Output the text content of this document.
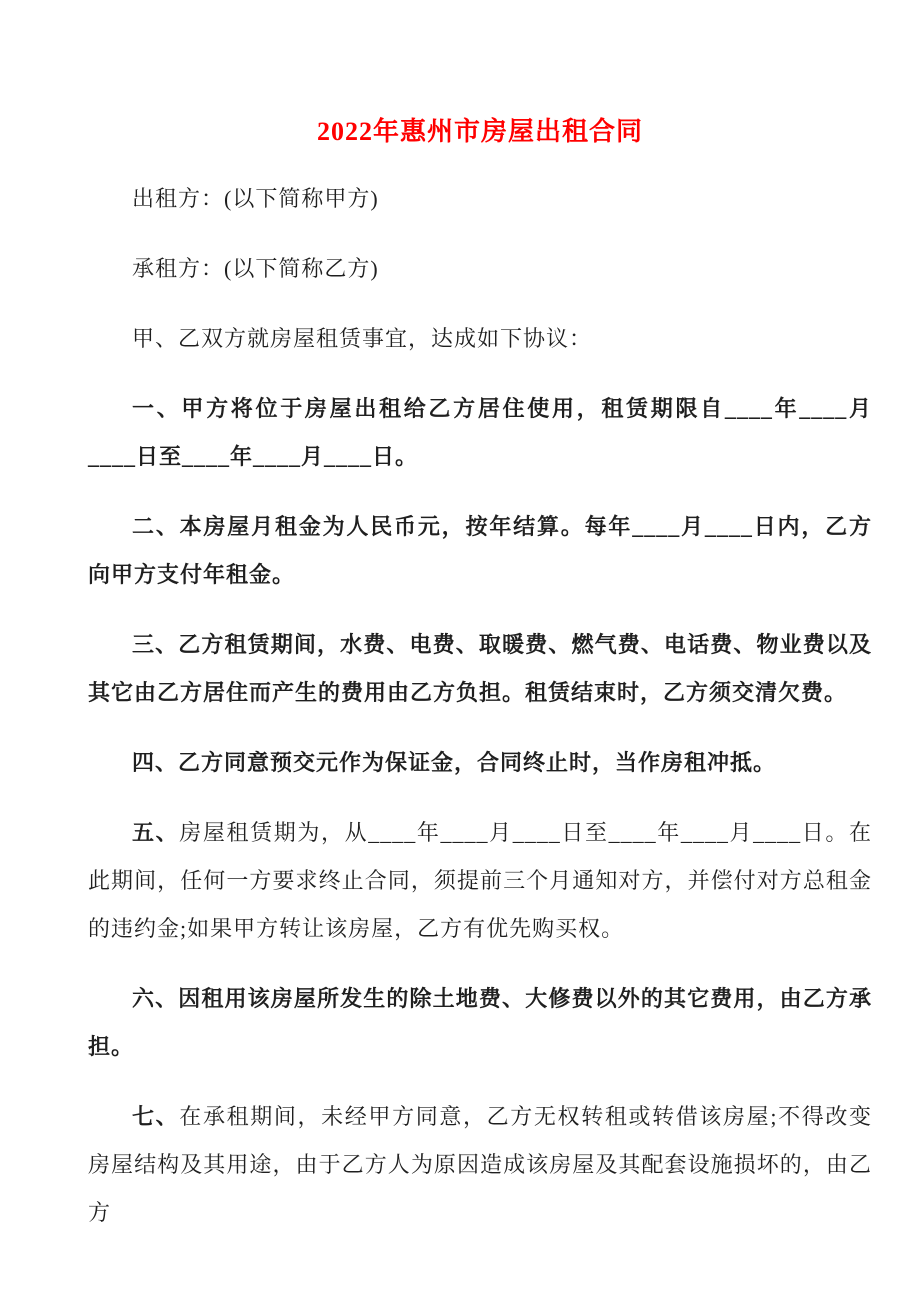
2022年惠州市房屋出租合同

出租方：(以下简称甲方)

承租方：(以下简称乙方)

甲、乙双方就房屋租赁事宜，达成如下协议：

一、甲方将位于房屋出租给乙方居住使用，租赁期限自____年____月____日至____年____月____日。

二、本房屋月租金为人民币元，按年结算。每年____月____日内，乙方向甲方支付年租金。

三、乙方租赁期间，水费、电费、取暖费、燃气费、电话费、物业费以及其它由乙方居住而产生的费用由乙方负担。租赁结束时，乙方须交清欠费。

四、乙方同意预交元作为保证金，合同终止时，当作房租冲抵。

五、房屋租赁期为，从____年____月____日至____年____月____日。在此期间，任何一方要求终止合同，须提前三个月通知对方，并偿付对方总租金的违约金;如果甲方转让该房屋，乙方有优先购买权。

六、因租用该房屋所发生的除土地费、大修费以外的其它费用，由乙方承担。

七、在承租期间，未经甲方同意，乙方无权转租或转借该房屋;不得改变房屋结构及其用途，由于乙方人为原因造成该房屋及其配套设施损坏的，由乙方
